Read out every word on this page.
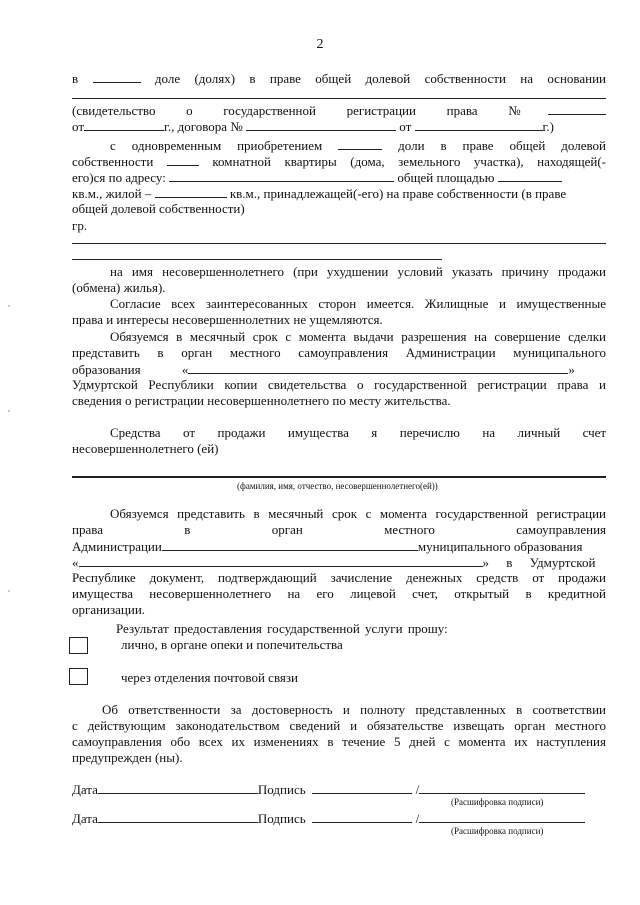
2
в	доле (долях) в праве общей долевой собственности на основании
(свидетельство о государственной регистрации права №
от	г., договора №	от	г.)
с одновременным приобретением	доли в праве общей долевой
собственности	комнатной квартиры (дома, земельного участка), находящей(-
его)ся по адресу:	общей площадью
кв.м., жилой –	кв.м., принадлежащей(-его) на праве собственности (в праве
общей долевой собственности)
гр.
на имя несовершеннолетнего (при ухудшении условий указать причину продажи
(обмена) жилья).
Согласие всех заинтересованных сторон имеется. Жилищные и имущественные
права и интересы несовершеннолетних не ущемляются.
Обязуемся в месячный срок с момента выдачи разрешения на совершение сделки
представить в орган местного самоуправления Администрации муниципального
образования	«	»
Удмуртской Республики копии свидетельства о государственной регистрации права и
сведения о регистрации несовершеннолетнего по месту жительства.
Средства от продажи имущества я перечислю на личный счет
несовершеннолетнего (ей)
(фамилия, имя, отчество, несовершеннолетнего(ей))
Обязуемся представить в месячный срок с момента государственной регистрации
права	в	орган	местного	самоуправления
Администрации	муниципального образования
«	» в Удмуртской
Республике документ, подтверждающий зачисление денежных средств от продажи
имущества несовершеннолетнего на его лицевой счет, открытый в кредитной
организации.
Результат предоставления государственной услуги прошу:
лично, в органе опеки и попечительства
через отделения почтовой связи
Об ответственности за достоверность и полноту представленных в соответствии
с действующим законодательством сведений и обязательстве извещать орган местного
самоуправления обо всех их изменениях в течение 5 дней с момента их наступления
предупрежден (ны).
Дата	Подпись	/
(Расшифровка подписи)
Дата	Подпись	/
(Расшифровка подписи)
